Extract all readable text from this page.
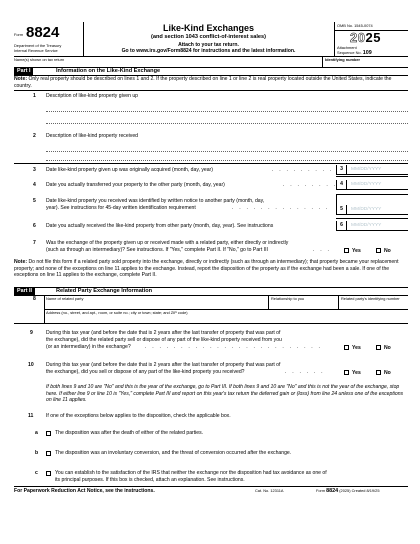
Form 8824
Department of the Treasury
Internal Revenue Service
Like-Kind Exchanges
(and section 1043 conflict-of-interest sales)
Attach to your tax return.
Go to www.irs.gov/Form8824 for instructions and the latest information.
OMB No. 1545-0074
2025
Attachment
Sequence No. 109
Name(s) shown on tax return	Identifying number
Part I	Information on the Like-Kind Exchange
Note: Only real property should be described on lines 1 and 2. If the property described on line 1 or line 2 is real property located outside the United States, indicate the country.
1 Description of like-kind property given up
2 Description of like-kind property received
3 Date like-kind property given up was originally acquired (month, day, year)	. . . . . . . . .	3	MM/DD/YYYY
4 Date you actually transferred your property to the other party (month, day, year)	. . . . . . . . 4	MM/DD/YYYY
5 Date like-kind property you received was identified by written notice to another party (month, day,
year). See instructions for 45-day written identification requirement	. . . . . . . . . . . . . .	5	MM/DD/YYYY
6 Date you actually received the like-kind property from other party (month, day, year). See instructions	6	MM/DD/YYYY
7 Was the exchange of the property given up or received made with a related party, either directly or indirectly
(such as through an intermediary)? See instructions. If "Yes," complete Part II. If "No," go to Part III	. . .	Yes	No
Note: Do not file this form if a related party sold property into the exchange, directly or indirectly (such as through an intermediary); that property became your replacement property; and none of the exceptions on line 11 applies to the exchange. Instead, report the disposition of the property as if the exchange had been a sale. If one of the exceptions on line 11 applies to the exchange, complete Part II.
Part II	Related Party Exchange Information
8	Name of related party	Relationship to you	Related party's identifying number
Address (no., street, and apt., room, or suite no.; city or town; state; and ZIP code)
9	During this tax year (and before the date that is 2 years after the last transfer of property that was part of
the exchange), did the related party sell or dispose of any part of the like-kind property received from you
(or an intermediary) in the exchange?	. . . . . . . . . . . . . . . . . . . . . . . . .	Yes	No
10 During this tax year (and before the date that is 2 years after the last transfer of property that was part of
the exchange), did you sell or dispose of any part of the like-kind property you received?	. . . . . .	Yes	No
If both lines 9 and 10 are "No" and this is the year of the exchange, go to Part III. If both lines 9 and 10 are "No" and this is not the year of the exchange, stop here. If either line 9 or line 10 is "Yes," complete Part III and report on this year's tax return the deferred gain or (loss) from line 24 unless one of the exceptions on line 11 applies.
11 If one of the exceptions below applies to the disposition, check the applicable box.
a	The disposition was after the death of either of the related parties.
b	The disposition was an involuntary conversion, and the threat of conversion occurred after the exchange.
c	You can establish to the satisfaction of the IRS that neither the exchange nor the disposition had tax avoidance as one of
its principal purposes. If this box is checked, attach an explanation. See instructions.
For Paperwork Reduction Act Notice, see the instructions.	Cat. No. 12311A	Form 8824 (2025) Created 8/19/25
